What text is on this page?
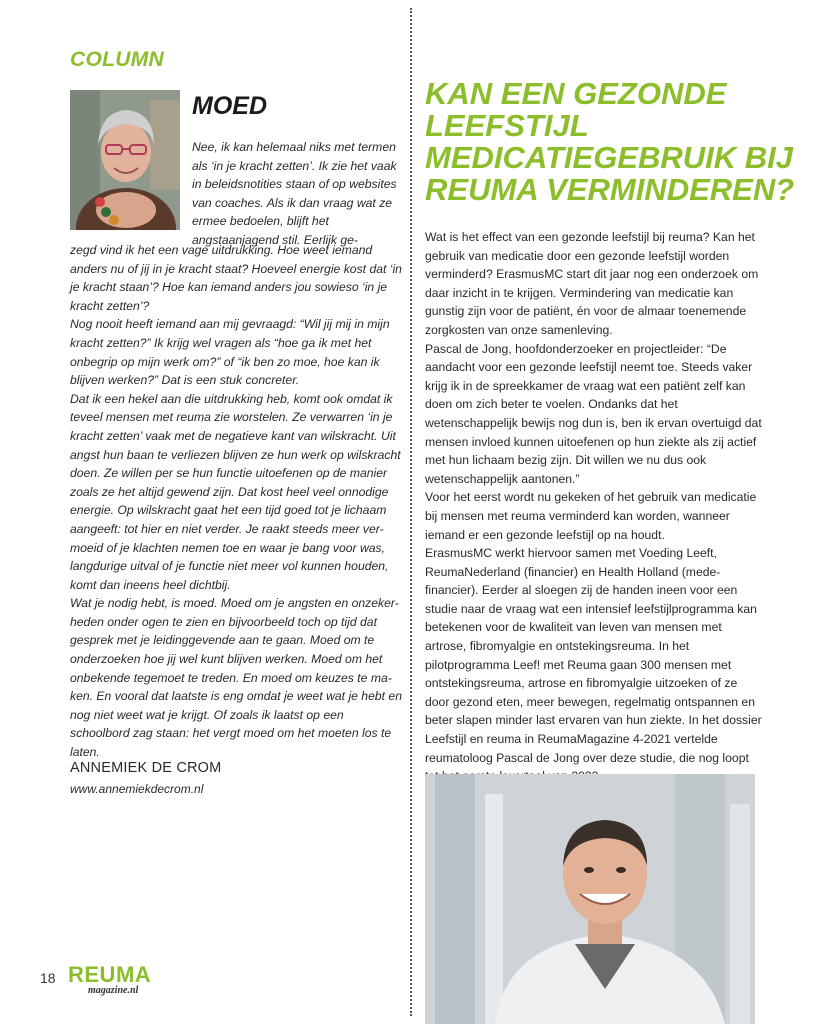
COLUMN
MOED
Nee, ik kan helemaal niks met termen als ‘in je kracht zetten’. Ik zie het vaak in beleidsnotities staan of op websites van coaches. Als ik dan vraag wat ze ermee bedoelen, blijft het angstaanjagend stil. Eerlijk ge-

zegd vind ik het een vage uitdrukking. Hoe weet iemand anders nu of jij in je kracht staat? Hoeveel energie kost dat ‘in je kracht staan’? Hoe kan iemand anders jou sowieso ‘in je kracht zetten’?

Nog nooit heeft iemand aan mij gevraagd: “Wil jij mij in mijn kracht zetten?” Ik krijg wel vragen als “hoe ga ik met het onbegrip op mijn werk om?” of “ik ben zo moe, hoe kan ik blijven werken?” Dat is een stuk concreter.

Dat ik een hekel aan die uitdrukking heb, komt ook omdat ik teveel mensen met reuma zie worstelen. Ze verwarren ‘in je kracht zetten’ vaak met de negatieve kant van wilskracht. Uit angst hun baan te verliezen blijven ze hun werk op wilskracht doen. Ze willen per se hun functie uitoefenen op de manier zoals ze het altijd gewend zijn. Dat kost heel veel onnodige energie. Op wilskracht gaat het een tijd goed tot je lichaam aangeeft: tot hier en niet verder. Je raakt steeds meer ver-moeid of je klachten nemen toe en waar je bang voor was, langdurige uitval of je functie niet meer vol kunnen houden, komt dan ineens heel dichtbij.

Wat je nodig hebt, is moed. Moed om je angsten en onzeker-heden onder ogen te zien en bijvoorbeeld toch op tijd dat gesprek met je leidinggevende aan te gaan. Moed om te onderzoeken hoe jij wel kunt blijven werken. Moed om het onbekende tegemoet te treden. En moed om keuzes te ma-ken. En vooral dat laatste is eng omdat je weet wat je hebt en nog niet weet wat je krijgt. Of zoals ik laatst op een schoolbord zag staan: het vergt moed om het moeten los te laten.

ANNEMIEK DE CROM
www.annemiekdecrom.nl
18 REUMA
magazine.nl
KAN EEN GEZONDE LEEFSTIJL MEDICATIEGEBRUIK BIJ REUMA VERMINDEREN?

Wat is het effect van een gezonde leefstijl bij reuma? Kan het gebruik van medicatie door een gezonde leefstijl worden verminderd? ErasmusMC start dit jaar nog een onderzoek om daar inzicht in te krijgen. Vermindering van medicatie kan gunstig zijn voor de patiënt, én voor de almaar toenemende zorgkosten van onze samenleving.

Pascal de Jong, hoofdonderzoeker en projectleider: “De aandacht voor een gezonde leefstijl neemt toe. Steeds vaker krijg ik in de spreekkamer de vraag wat een patiënt zelf kan doen om zich beter te voelen. Ondanks dat het wetenschappelijk bewijs nog dun is, ben ik ervan overtuigd dat mensen invloed kunnen uitoefenen op hun ziekte als zij actief met hun lichaam bezig zijn. Dit willen we nu dus ook wetenschappelijk aantonen.”

Voor het eerst wordt nu gekeken of het gebruik van medicatie bij mensen met reuma verminderd kan worden, wanneer iemand er een gezonde leefstijl op na houdt.

ErasmusMC werkt hiervoor samen met Voeding Leeft, ReumaNederland (financier) en Health Holland (mede-financier). Eerder al sloegen zij de handen ineen voor een studie naar de vraag wat een intensief leefstijlprogramma kan betekenen voor de kwaliteit van leven van mensen met artrose, fibromyalgie en ontstekingsreuma. In het pilotprogramma Leef! met Reuma gaan 300 mensen met ontstekingsreuma, artrose en fibromyalgie uitzoeken of ze door gezond eten, meer bewegen, regelmatig ontspannen en beter slapen minder last ervaren van hun ziekte. In het dossier Leefstijl en reuma in ReumaMagazine 4-2021 vertelde reumatoloog Pascal de Jong over deze studie, die nog loopt
